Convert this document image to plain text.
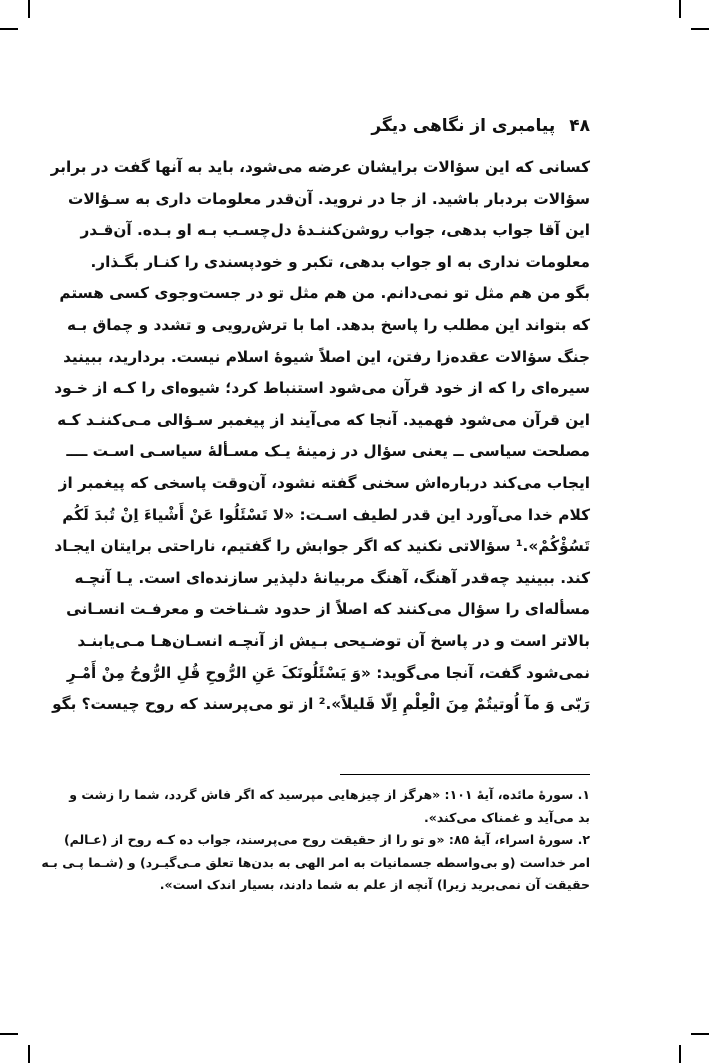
۴۸
پیامبری از نگاهی دیگر
کسانی که این سؤالات برایشان عرضه می‌شود، باید به آنها گفت در برابر
سؤالات بردبار باشید. از جا در نروید. آن‌قدر معلومات داری به سـؤالات
این آقا جواب بدهی، جواب روشن‌کننـدهٔ دل‌چسـب بـه او بـده. آن‌قـدر
معلومات نداری به او جواب بدهی، تکبر و خودپسندی را کنـار بگـذار.
بگو من هم مثل تو نمی‌دانم. من هم مثل تو در جست‌وجوی کسی هستم
که بتواند این مطلب را پاسخ بدهد. اما با ترش‌رویی و تشدد و چماق بـه
جنگ سؤالات عقده‌زا رفتن، این اصلاً شیوهٔ اسلام نیست. بردارید، ببینید
سیره‌ای را که از خود قرآن می‌شود استنباط کرد؛ شیوه‌ای را کـه از خـود
این قرآن می‌شود فهمید. آنجا که می‌آیند از پیغمبر سـؤالی مـی‌کننـد کـه
مصلحت سیاسی ــ یعنی سؤال در زمینهٔ یـک مسـألهٔ سیاسـی اسـت ــــ
ایجاب می‌کند درباره‌اش سخنی گفته نشود، آن‌وقت پاسخی که پیغمبر از
کلام خدا می‌آورد این قدر لطیف اسـت: «لا تَسْئَلُوا عَنْ أَشْیاءَ اِنْ تُبدَ لَکُم
تَسُؤْکُمْ».¹ سؤالاتی نکنید که اگر جوابش را گفتیم، ناراحتی برایتان ایجـاد
کند. ببینید چه‌قدر آهنگ، آهنگ مربیانهٔ دلپذیر سازنده‌ای است. یـا آنچـه
مسأله‌ای را سؤال می‌کنند که اصلاً از حدود شـناخت و معرفـت انسـانی
بالاتر است و در پاسخ آن توضـیحی بـیش از آنچـه انسـان‌هـا مـی‌یابنـد
نمی‌شود گفت، آنجا می‌گوید: «وَ یَسْئَلُونَکَ عَنِ الرُّوحِ قُلِ الرُّوحُ مِنْ أَمْـرِ
رَبّی وَ مآ اُوتیتُمْ مِنَ الْعِلْمِ اِلّا قَلیلاً».² از تو می‌پرسند که روح چیست؟ بگو
۱. سورهٔ مائده، آیهٔ ۱۰۱: «هرگز از چیزهایی مپرسید که اگر فاش گردد، شما را زشت و
بد می‌آید و غمناک می‌کند».
۲. سورهٔ اسراء، آیهٔ ۸۵: «و تو را از حقیقت روح می‌پرسند، جواب ده کـه روح از (عـالم)
امر خداست (و بی‌واسطه جسمانیات به امر الهی به بدن‌ها تعلق مـی‌گیـرد) و (شـما پـی بـه
حقیقت آن نمی‌برید زیرا) آنچه از علم به شما دادند، بسیار اندک است».
